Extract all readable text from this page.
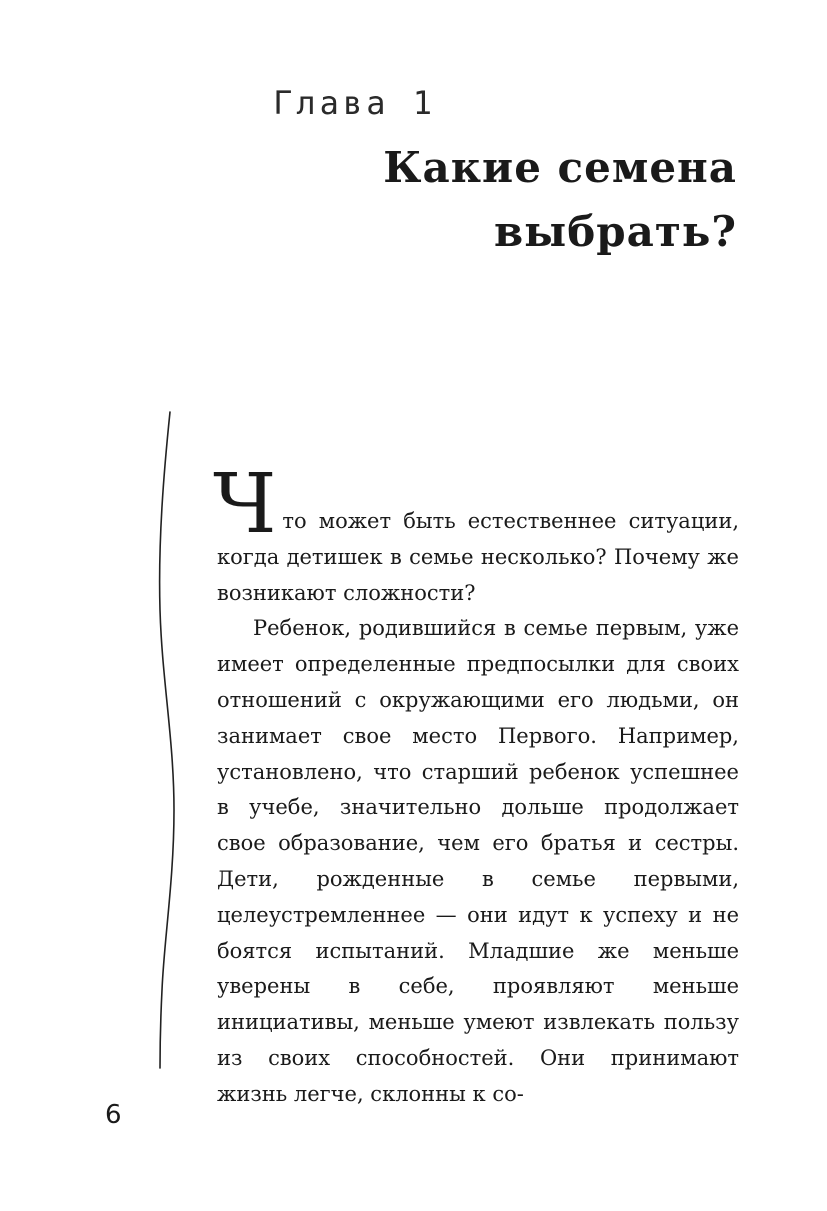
Глава 1
Какие семена выбрать?

Ч то может быть естественнее ситуации, когда детишек в семье несколько? Почему же возникают сложности?

Ребенок, родившийся в семье первым, уже имеет определенные предпосылки для своих отношений с окружающими его людьми, он занимает свое место Первого. Например, установлено, что старший ребенок успешнее в учебе, значительно дольше продолжает свое образование, чем его братья и сестры. Дети, рожденные в семье первыми, целеустремленнее — они идут к успеху и не боятся испытаний. Младшие же меньше уверены в себе, проявляют меньше инициативы, меньше умеют извлекать пользу из своих способностей. Они принимают жизнь легче, склонны к со-

6
